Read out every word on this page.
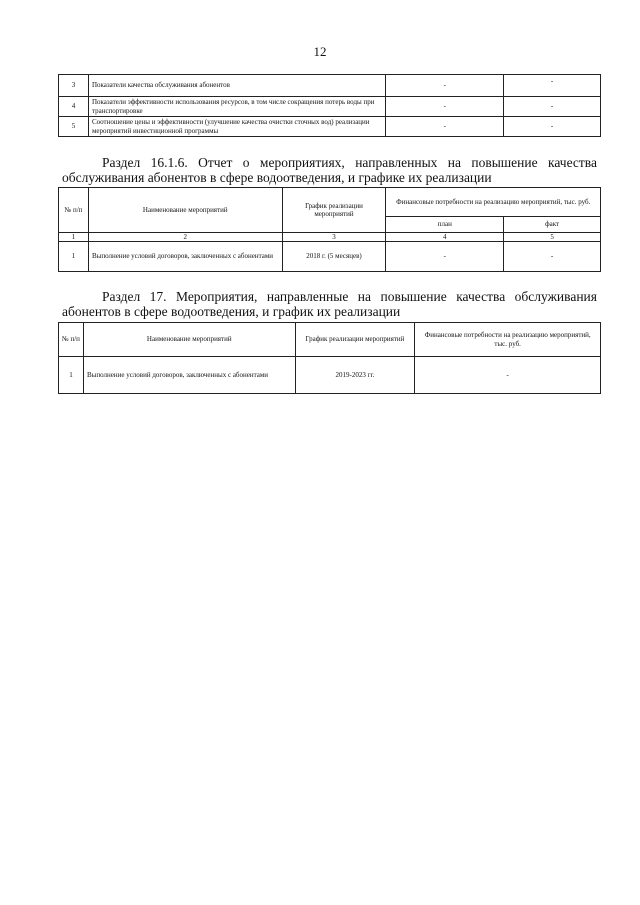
12
3	Показатели качества обслуживания абонентов	-	-
4	Показатели эффективности использования ресурсов, в том числе сокращения потерь воды при транспортировке	-	-
5	Соотношение цены и эффективности (улучшение качества очистки сточных вод) реализации мероприятий инвестиционной программы	-	-
Раздел 16.1.6. Отчет о мероприятиях, направленных на повышение качества обслуживания абонентов в сфере водоотведения, и графике их реализации
№ п/п	Наименование мероприятий	График реализации мероприятий	Финансовые потребности на реализацию мероприятий, тыс. руб.	
			план	факт
1	2	3	4	5
1	Выполнение условий договоров, заключенных с абонентами	2018 г. (5 месяцев)	-	-
Раздел 17. Мероприятия, направленные на повышение качества обслуживания абонентов в сфере водоотведения, и график их реализации
№ п/п	Наименование мероприятий	График реализации мероприятий	Финансовые потребности на реализацию мероприятий, тыс. руб.
1	Выполнение условий договоров, заключенных с абонентами	2019-2023 гг.	-
